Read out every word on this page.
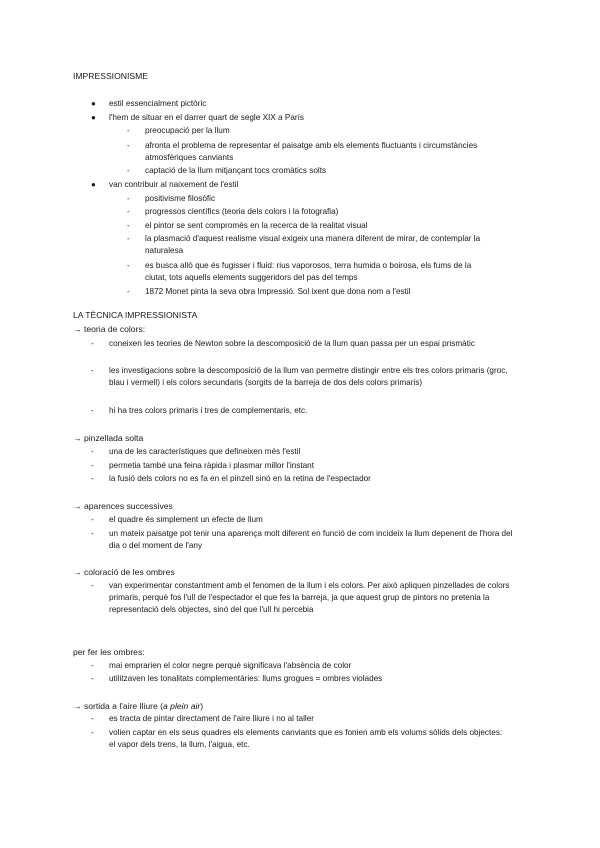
IMPRESSIONISME

● estil essencialment pictòric

● l'hem de situar en el darrer quart de segle XIX a París

- preocupació per la llum

- afronta el problema de representar el paisatge amb els elements fluctuants i circumstàncies atmosfèriques canviants

- captació de la llum mitjançant tocs cromàtics solts

● van contribuir al naixement de l'estil

- positivisme filosòfic

- progressos científics (teoria dels colors i la fotografia)

- el pintor se sent compromès en la recerca de la realitat visual

- la plasmació d'aquest realisme visual exigeix una manera diferent de mirar, de contemplar la naturalesa

- es busca allò que és fugisser i fluid: rius vaporosos, terra humida o boirosa, els fums de la ciutat, tots aquells elements suggeridors del pas del temps

- 1872 Monet pinta la seva obra Impressió. Sol ixent que dona nom a l'estil

LA TÈCNICA IMPRESSIONISTA

→ teoria de colors:

- coneixen les teories de Newton sobre la descomposició de la llum quan passa per un espai prismàtic

- les investigacions sobre la descomposició de la llum van permetre distingir entre els tres colors primaris (groc, blau i vermell) i els colors secundaris (sorgits de la barreja de dos dels colors primaris)

- hi ha tres colors primaris i tres de complementaris, etc.

→ pinzellada solta

- una de les característiques que defineixen més l'estil

- permetia també una feina ràpida i plasmar millor l'instant

- la fusió dels colors no es fa en el pinzell sinó en la retina de l'espectador

→ aparences successives

- el quadre és simplement un efecte de llum

- un mateix paisatge pot tenir una aparença molt diferent en funció de com incideix la llum depenent de l'hora del dia o del moment de l'any

→ coloració de les ombres

- van experimentar constantment amb el fenomen de la llum i els colors. Per això apliquen pinzellades de colors primaris, perquè fos l'ull de l'espectador el que fes la barreja, ja que aquest grup de pintors no pretenia la representació dels objectes, sinó del que l'ull hi percebia

per fer les ombres:

- mai emprarien el color negre perquè significava l'absència de color

- utilitzaven les tonalitats complementàries: llums grogues = ombres violades

→ sortida a l'aire lliure (a plein air)

- es tracta de pintar directament de l'aire lliure i no al taller

- volien captar en els seus quadres els elements canviants que es fonien amb els volums sòlids dels objectes: el vapor dels trens, la llum, l'aigua, etc.
